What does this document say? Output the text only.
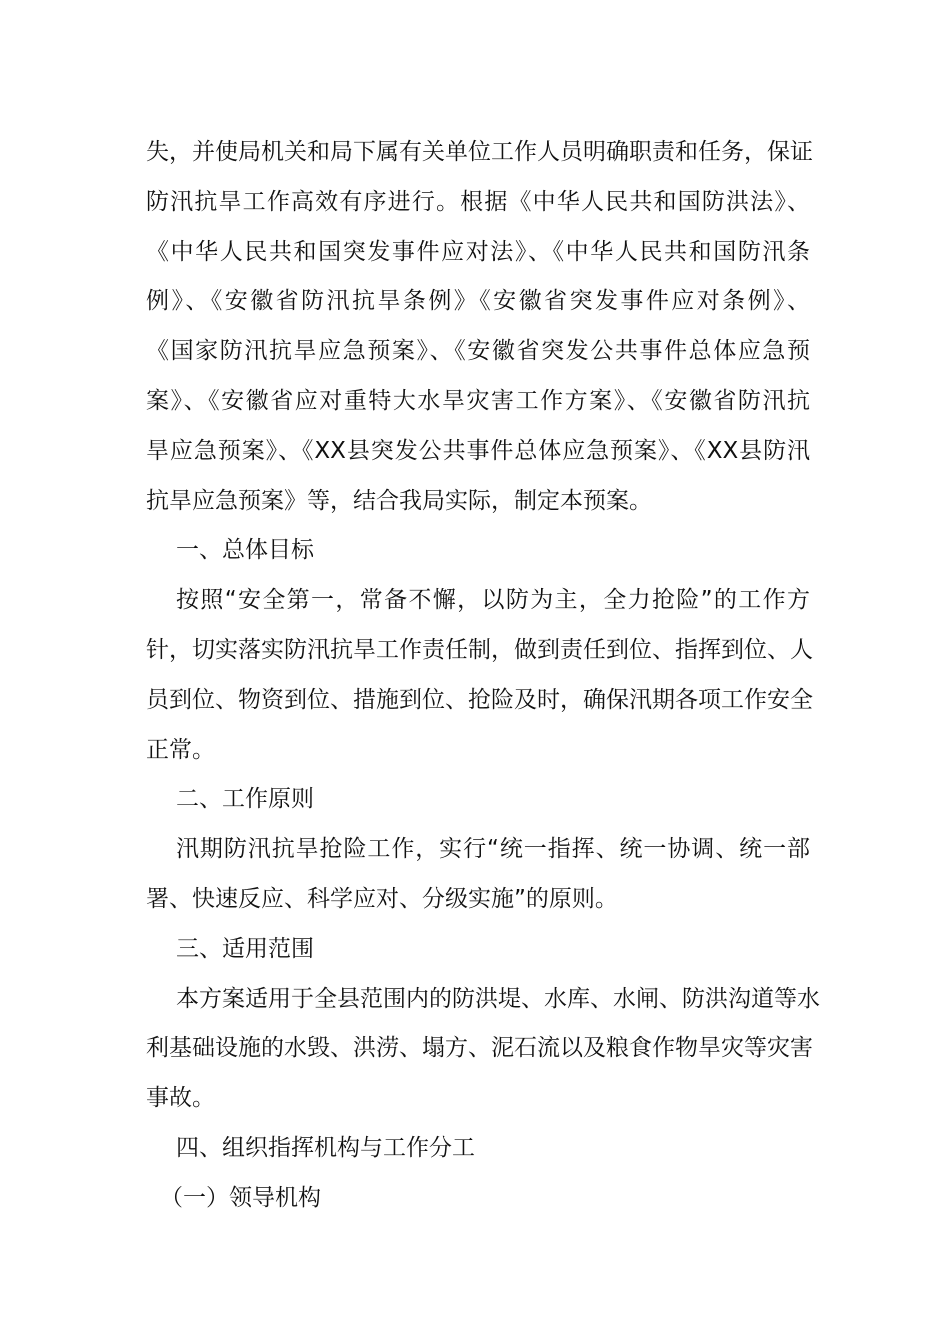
失，并使局机关和局下属有关单位工作人员明确职责和任务，保证
防汛抗旱工作高效有序进行。根据《中华人民共和国防洪法》、
《中华人民共和国突发事件应对法》、《中华人民共和国防汛条
例》、《安徽省防汛抗旱条例》《安徽省突发事件应对条例》、
《国家防汛抗旱应急预案》、《安徽省突发公共事件总体应急预
案》、《安徽省应对重特大水旱灾害工作方案》、《安徽省防汛抗
旱应急预案》、《XX县突发公共事件总体应急预案》、《XX县防汛
抗旱应急预案》等，结合我局实际，制定本预案。

一、总体目标

按照“安全第一，常备不懈，以防为主，全力抢险”的工作方
针，切实落实防汛抗旱工作责任制，做到责任到位、指挥到位、人
员到位、物资到位、措施到位、抢险及时，确保汛期各项工作安全
正常。

二、工作原则

汛期防汛抗旱抢险工作，实行“统一指挥、统一协调、统一部
署、快速反应、科学应对、分级实施”的原则。

三、适用范围

本方案适用于全县范围内的防洪堤、水库、水闸、防洪沟道等水
利基础设施的水毁、洪涝、塌方、泥石流以及粮食作物旱灾等灾害
事故。

四、组织指挥机构与工作分工

（一）领导机构
